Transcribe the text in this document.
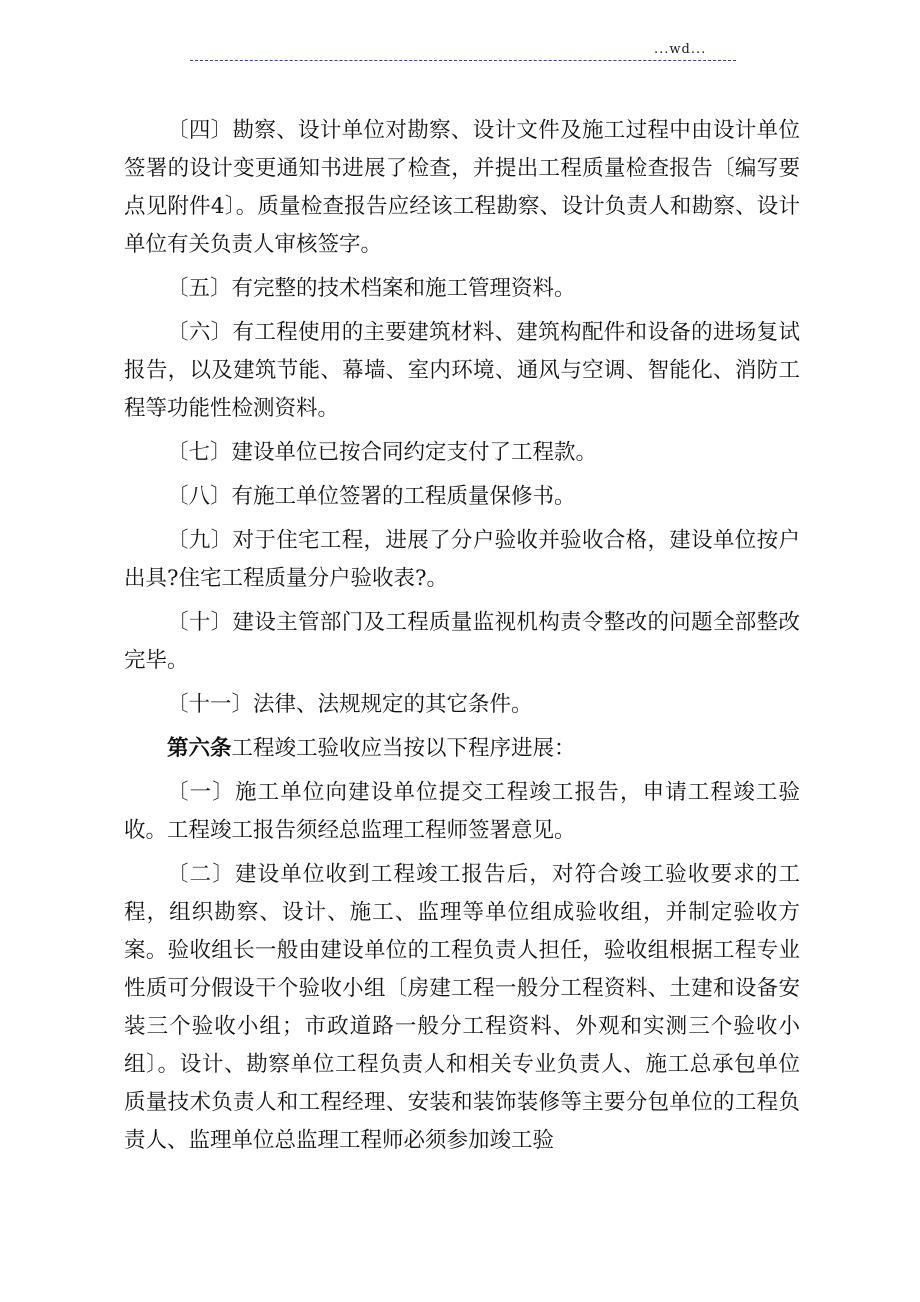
...wd...

〔四〕勘察、设计单位对勘察、设计文件及施工过程中由设计单位签署的设计变更通知书进展了检查，并提出工程质量检查报告〔编写要点见附件4〕。质量检查报告应经该工程勘察、设计负责人和勘察、设计单位有关负责人审核签字。

〔五〕有完整的技术档案和施工管理资料。

〔六〕有工程使用的主要建筑材料、建筑构配件和设备的进场复试报告，以及建筑节能、幕墙、室内环境、通风与空调、智能化、消防工程等功能性检测资料。

〔七〕建设单位已按合同约定支付了工程款。

〔八〕有施工单位签署的工程质量保修书。

〔九〕对于住宅工程，进展了分户验收并验收合格，建设单位按户出具?住宅工程质量分户验收表?。

〔十〕建设主管部门及工程质量监视机构责令整改的问题全部整改完毕。

〔十一〕法律、法规规定的其它条件。

第六条工程竣工验收应当按以下程序进展：

〔一〕施工单位向建设单位提交工程竣工报告，申请工程竣工验收。工程竣工报告须经总监理工程师签署意见。

〔二〕建设单位收到工程竣工报告后，对符合竣工验收要求的工程，组织勘察、设计、施工、监理等单位组成验收组，并制定验收方案。验收组长一般由建设单位的工程负责人担任，验收组根据工程专业性质可分假设干个验收小组〔房建工程一般分工程资料、土建和设备安装三个验收小组；市政道路一般分工程资料、外观和实测三个验收小组〕。设计、勘察单位工程负责人和相关专业负责人、施工总承包单位质量技术负责人和工程经理、安装和装饰装修等主要分包单位的工程负责人、监理单位总监理工程师必须参加竣工验
